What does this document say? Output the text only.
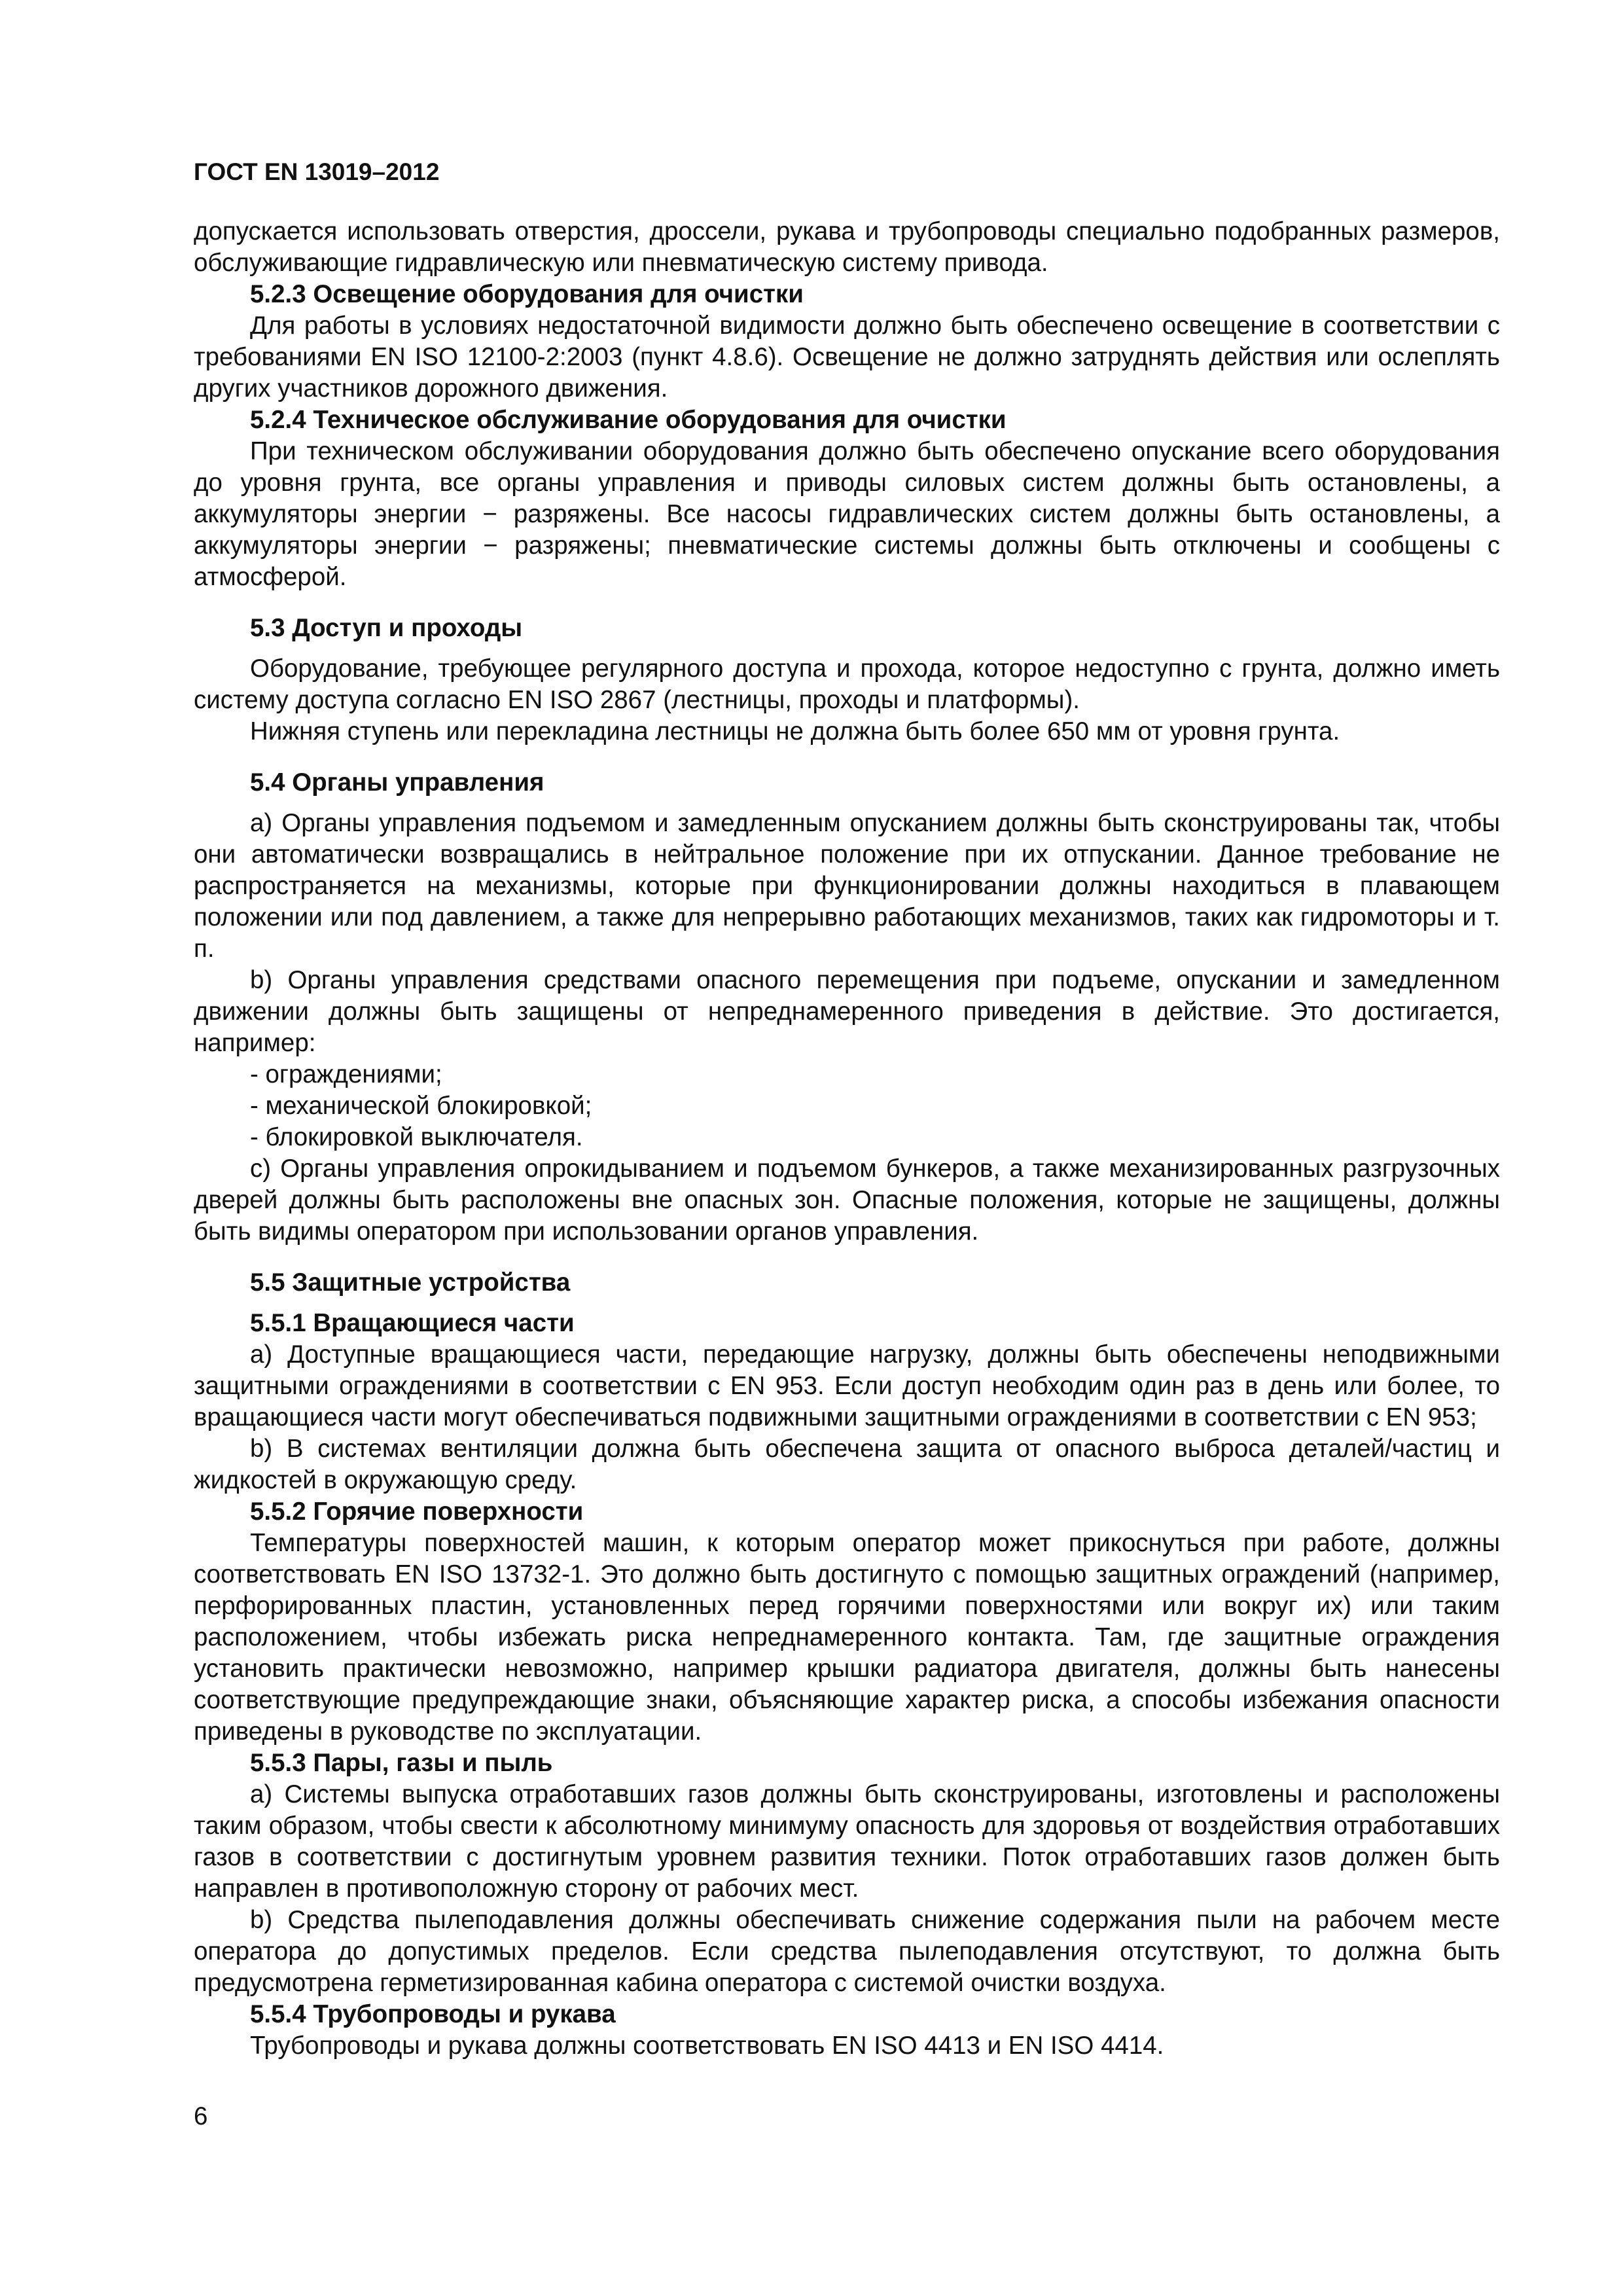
ГОСТ EN 13019–2012

допускается использовать отверстия, дроссели, рукава и трубопроводы специально подобранных размеров, обслуживающие гидравлическую или пневматическую систему привода.

5.2.3 Освещение оборудования для очистки

Для работы в условиях недостаточной видимости должно быть обеспечено освещение в соответствии с требованиями EN ISO 12100-2:2003 (пункт 4.8.6). Освещение не должно затруднять действия или ослеплять других участников дорожного движения.

5.2.4 Техническое обслуживание оборудования для очистки

При техническом обслуживании оборудования должно быть обеспечено опускание всего оборудования до уровня грунта, все органы управления и приводы силовых систем должны быть остановлены, а аккумуляторы энергии − разряжены. Все насосы гидравлических систем должны быть остановлены, а аккумуляторы энергии − разряжены; пневматические системы должны быть отключены и сообщены с атмосферой.

5.3 Доступ и проходы

Оборудование, требующее регулярного доступа и прохода, которое недоступно с грунта, должно иметь систему доступа согласно EN ISO 2867 (лестницы, проходы и платформы).

Нижняя ступень или перекладина лестницы не должна быть более 650 мм от уровня грунта.

5.4 Органы управления

a) Органы управления подъемом и замедленным опусканием должны быть сконструированы так, чтобы они автоматически возвращались в нейтральное положение при их отпускании. Данное требование не распространяется на механизмы, которые при функционировании должны находиться в плавающем положении или под давлением, а также для непрерывно работающих механизмов, таких как гидромоторы и т. п.

b) Органы управления средствами опасного перемещения при подъеме, опускании и замедленном движении должны быть защищены от непреднамеренного приведения в действие. Это достигается, например:

- ограждениями;

- механической блокировкой;

- блокировкой выключателя.

c) Органы управления опрокидыванием и подъемом бункеров, а также механизированных разгрузочных дверей должны быть расположены вне опасных зон. Опасные положения, которые не защищены, должны быть видимы оператором при использовании органов управления.

5.5 Защитные устройства

5.5.1 Вращающиеся части

a) Доступные вращающиеся части, передающие нагрузку, должны быть обеспечены неподвижными защитными ограждениями в соответствии с EN 953. Если доступ необходим один раз в день или более, то вращающиеся части могут обеспечиваться подвижными защитными ограждениями в соответствии с EN 953;

b) В системах вентиляции должна быть обеспечена защита от опасного выброса деталей/частиц и жидкостей в окружающую среду.

5.5.2 Горячие поверхности

Температуры поверхностей машин, к которым оператор может прикоснуться при работе, должны соответствовать EN ISO 13732-1. Это должно быть достигнуто с помощью защитных ограждений (например, перфорированных пластин, установленных перед горячими поверхностями или вокруг их) или таким расположением, чтобы избежать риска непреднамеренного контакта. Там, где защитные ограждения установить практически невозможно, например крышки радиатора двигателя, должны быть нанесены соответствующие предупреждающие знаки, объясняющие характер риска, а способы избежания опасности приведены в руководстве по эксплуатации.

5.5.3 Пары, газы и пыль

a) Системы выпуска отработавших газов должны быть сконструированы, изготовлены и расположены таким образом, чтобы свести к абсолютному минимуму опасность для здоровья от воздействия отработавших газов в соответствии с достигнутым уровнем развития техники. Поток отработавших газов должен быть направлен в противоположную сторону от рабочих мест.

b) Средства пылеподавления должны обеспечивать снижение содержания пыли на рабочем месте оператора до допустимых пределов. Если средства пылеподавления отсутствуют, то должна быть предусмотрена герметизированная кабина оператора с системой очистки воздуха.

5.5.4 Трубопроводы и рукава

Трубопроводы и рукава должны соответствовать EN ISO 4413 и EN ISO 4414.

6
